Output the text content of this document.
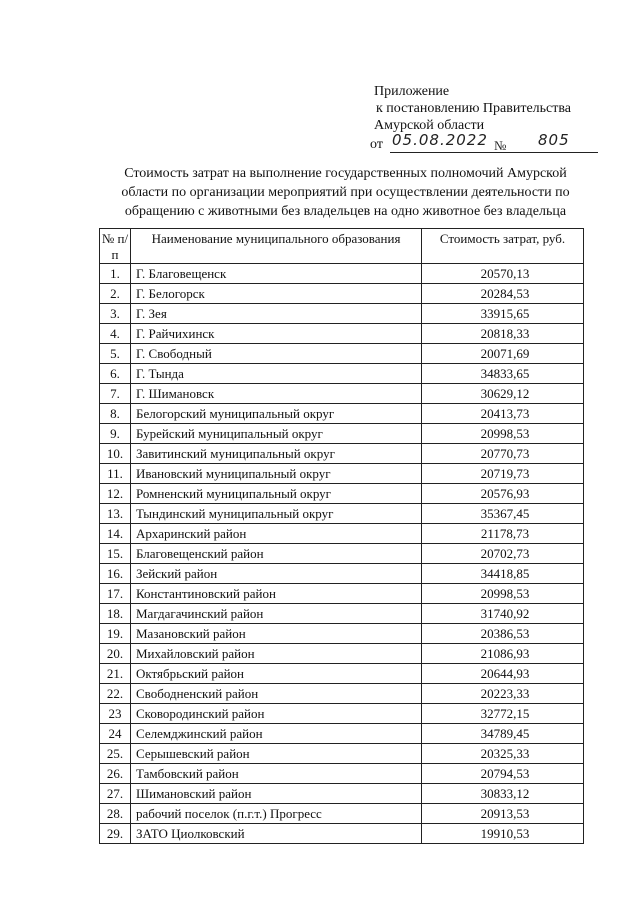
Приложение
к постановлению Правительства
Амурской области
от 05.08.2022 № 805
Стоимость затрат на выполнение государственных полномочий Амурской области по организации мероприятий при осуществлении деятельности по обращению с животными без владельцев на одно животное без владельца
№ п/п	Наименование муниципального образования	Стоимость затрат, руб.
1.	Г. Благовещенск	20570,13
2.	Г. Белогорск	20284,53
3.	Г. Зея	33915,65
4.	Г. Райчихинск	20818,33
5.	Г. Свободный	20071,69
6.	Г. Тында	34833,65
7.	Г. Шимановск	30629,12
8.	Белогорский муниципальный округ	20413,73
9.	Бурейский муниципальный округ	20998,53
10.	Завитинский муниципальный округ	20770,73
11.	Ивановский муниципальный округ	20719,73
12.	Ромненский муниципальный округ	20576,93
13.	Тындинский муниципальный округ	35367,45
14.	Архаринский район	21178,73
15.	Благовещенский район	20702,73
16.	Зейский район	34418,85
17.	Константиновский район	20998,53
18.	Магдагачинский район	31740,92
19.	Мазановский район	20386,53
20.	Михайловский район	21086,93
21.	Октябрьский район	20644,93
22.	Свободненский район	20223,33
23	Сковородинский район	32772,15
24	Селемджинский район	34789,45
25.	Серышевский район	20325,33
26.	Тамбовский район	20794,53
27.	Шимановский район	30833,12
28.	рабочий поселок (п.г.т.) Прогресс	20913,53
29.	ЗАТО Циолковский	19910,53
